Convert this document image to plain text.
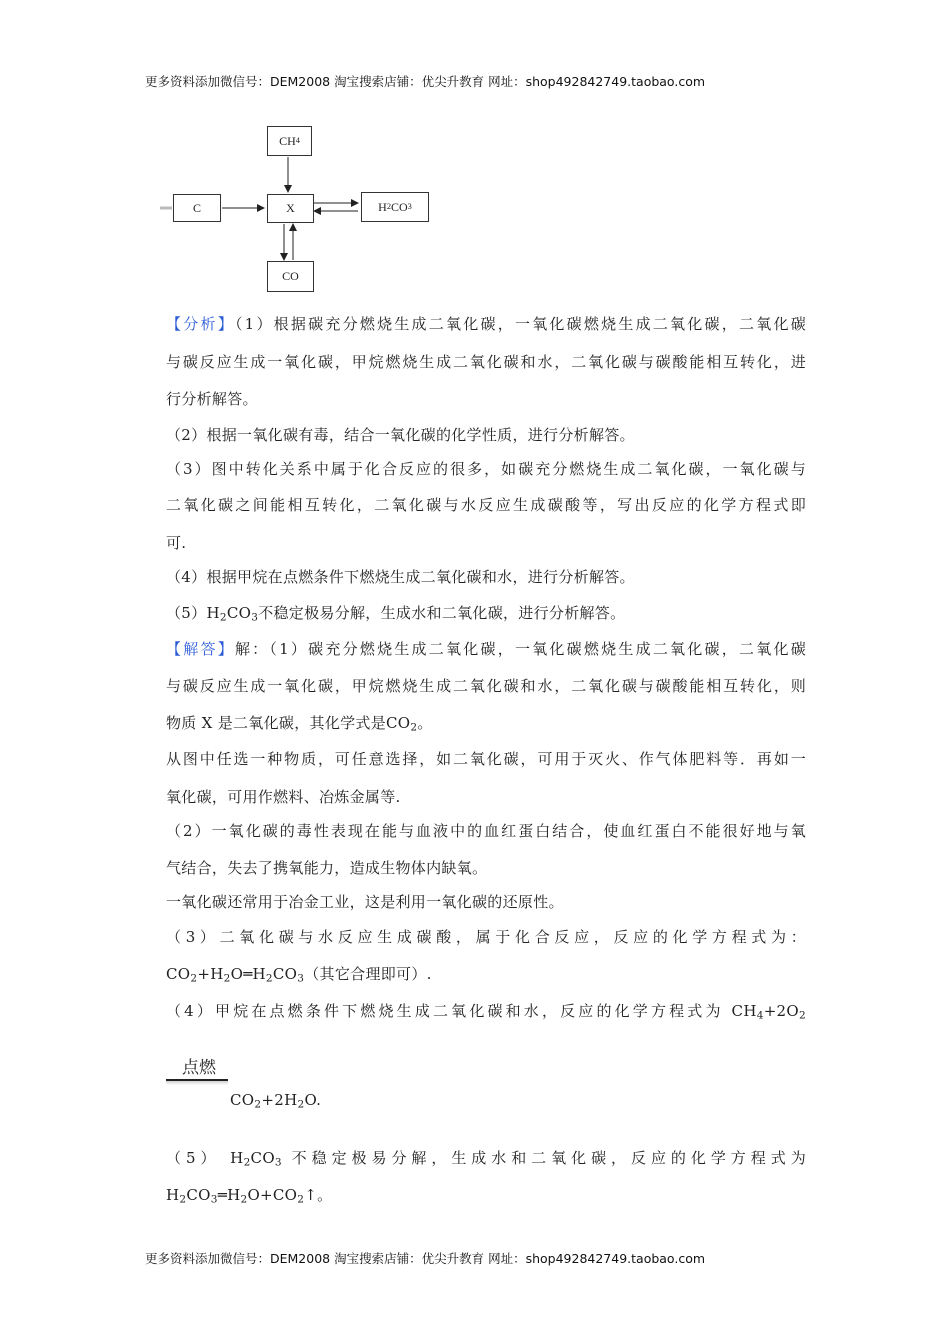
更多资料添加微信号：DEM2008 淘宝搜索店铺：优尖升教育 网址：shop492842749.taobao.com
CH 4
C	X	H 2 CO 3
CO
【分析】（1）根据碳充分燃烧生成二氧化碳，一氧化碳燃烧生成二氧化碳，二氧化碳
与碳反应生成一氧化碳，甲烷燃烧生成二氧化碳和水，二氧化碳与碳酸能相互转化，进
行分析解答。
（2）根据一氧化碳有毒，结合一氧化碳的化学性质，进行分析解答。
（3）图中转化关系中属于化合反应的很多，如碳充分燃烧生成二氧化碳，一氧化碳与
二氧化碳之间能相互转化，二氧化碳与水反应生成碳酸等，写出反应的化学方程式即
可.
（4）根据甲烷在点燃条件下燃烧生成二氧化碳和水，进行分析解答。
$(5)H_2CO_3$不稳定极易分解，生成水和二氧化碳，进行分析解答。
【解答】解：（1）碳充分燃烧生成二氧化碳，一氧化碳燃烧生成二氧化碳，二氧化碳
与碳反应生成一氧化碳，甲烷燃烧生成二氧化碳和水，二氧化碳与碳酸能相互转化，则
物质 X 是二氧化碳，其化学式是$CO_2$。
从图中任选一种物质，可任意选择，如二氧化碳，可用于灭火、作气体肥料等．再如一
氧化碳，可用作燃料、冶炼金属等.
（2）一氧化碳的毒性表现在能与血液中的血红蛋白结合，使血红蛋白不能很好地与氧
气结合，失去了携氧能力，造成生物体内缺氧。
一氧化碳还常用于冶金工业，这是利用一氧化碳的还原性。
（3）二氧化碳与水反应生成碳酸，属于化合反应，反应的化学方程式为：
$CO_2+H_2O═H_2CO_3$（其它合理即可）.
（4）甲烷在点燃条件下燃烧生成二氧化碳和水，反应的化学方程式为 $CH_4+2O_2$
$CO_2+2H_2O$.
（5） $H_2CO_3$ 不稳定极易分解，生成水和二氧化碳，反应的化学方程式为
$H_2CO_3═H_2O+CO_2↑$。
点燃
更多资料添加微信号：DEM2008 淘宝搜索店铺：优尖升教育 网址：shop492842749.taobao.com
